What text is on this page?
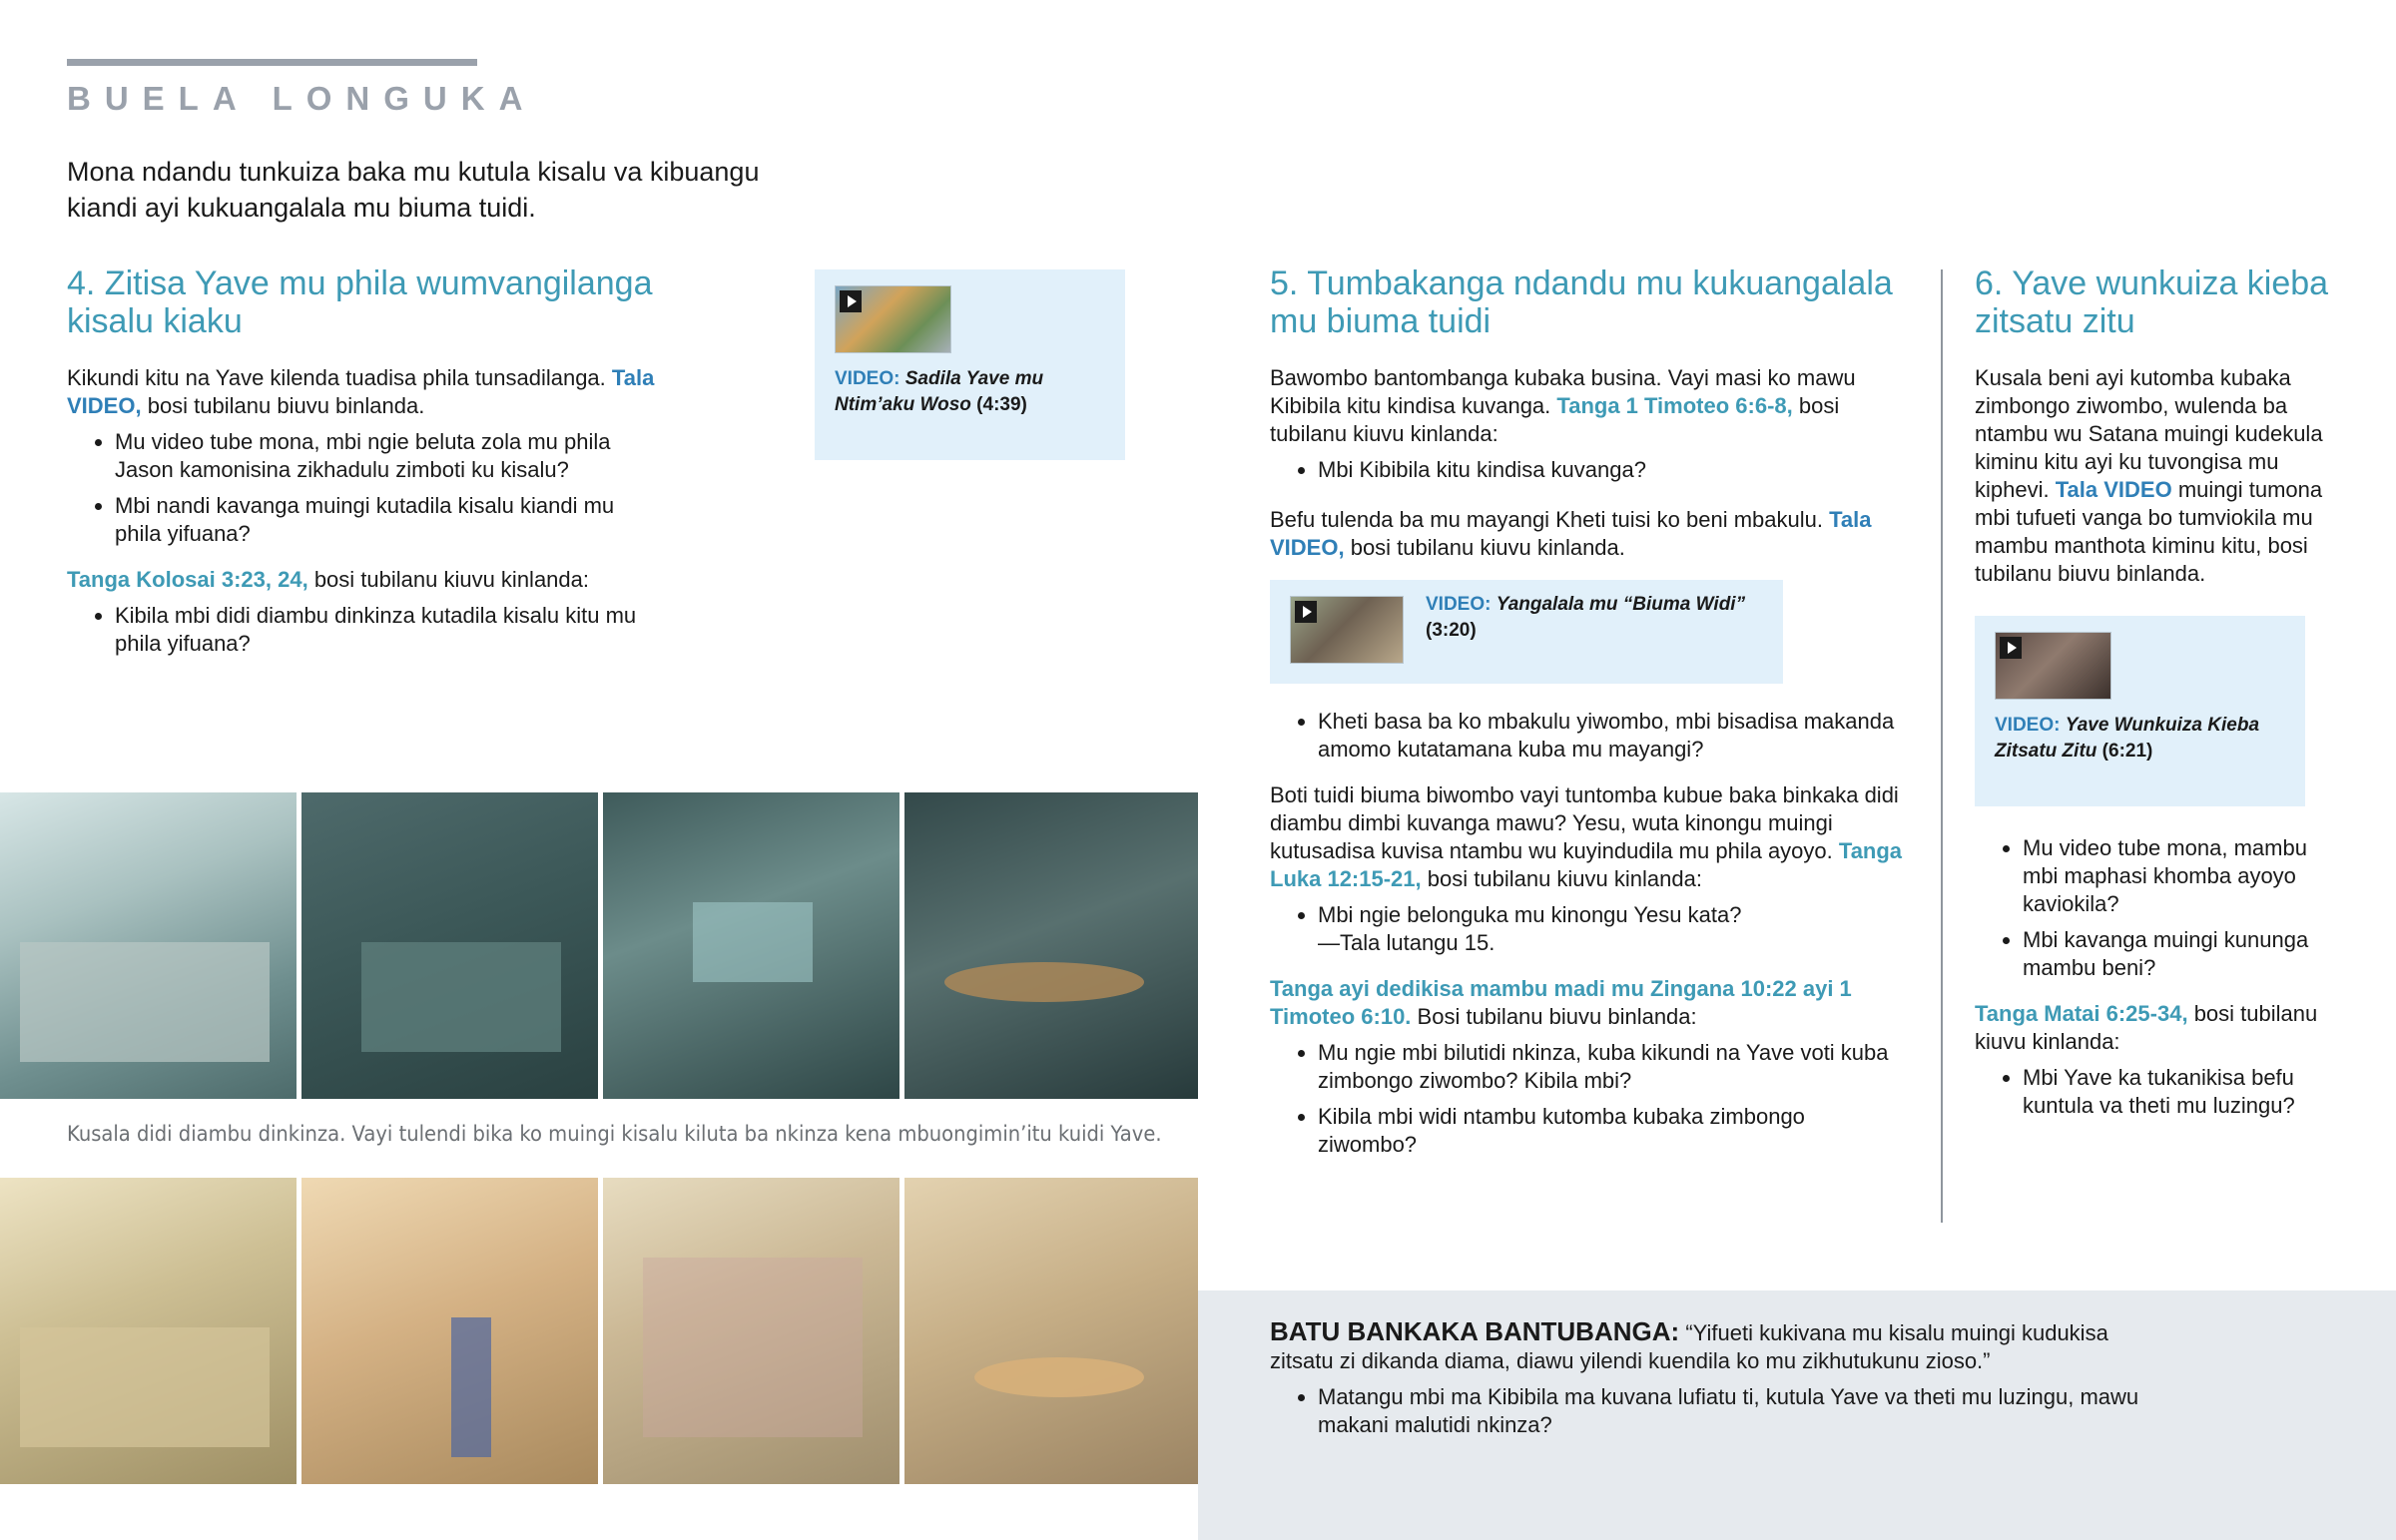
BUELA LONGUKA
Mona ndandu tunkuiza baka mu kutula kisalu va kibuangu kiandi ayi kukuangalala mu biuma tuidi.
4. Zitisa Yave mu phila wumvangilanga kisalu kiaku

Kikundi kitu na Yave kilenda tuadisa phila tunsadilanga. Tala VIDEO, bosi tubilanu biuvu binlanda.

• Mu video tube mona, mbi ngie beluta zola mu phila Jason kamonisina zikhadulu zimboti ku kisalu?
• Mbi nandi kavanga muingi kutadila kisalu kiandi mu phila yifuana?

Tanga Kolosai 3:23, 24, bosi tubilanu kiuvu kinlanda:

• Kibila mbi didi diambu dinkinza kutadila kisalu kitu mu phila yifuana?
VIDEO: Sadila Yave mu Ntim’aku Woso (4:39)
Kusala didi diambu dinkinza. Vayi tulendi bika ko muingi kisalu kiluta ba nkinza kena mbuongimin’itu kuidi Yave.
5. Tumbakanga ndandu mu kukuangalala mu biuma tuidi

Bawombo bantombanga kubaka busina. Vayi masi ko mawu Kibibila kitu kindisa kuvanga. Tanga 1 Timoteo 6:6-8, bosi tubilanu kiuvu kinlanda:

• Mbi Kibibila kitu kindisa kuvanga?

Befu tulenda ba mu mayangi Kheti tuisi ko beni mbakulu. Tala VIDEO, bosi tubilanu kiuvu kinlanda.

VIDEO: Yangalala mu “Biuma Widi” (3:20)
• Kheti basa ba ko mbakulu yiwombo, mbi bisadisa makanda amomo kutatamana kuba mu mayangi?

Boti tuidi biuma biwombo vayi tuntomba kubue baka binkaka didi diambu dimbi kuvanga mawu? Yesu, wuta kinongu muingi kutusadisa kuvisa ntambu wu kuyindudila mu phila ayoyo. Tanga Luka 12:15-21, bosi tubilanu kiuvu kinlanda:

• Mbi ngie belonguka mu kinongu Yesu kata?
—Tala lutangu 15.

Tanga ayi dedikisa mambu madi mu Zingana 10:22 ayi 1 Timoteo 6:10. Bosi tubilanu biuvu binlanda:

• Mu ngie mbi bilutidi nkinza, kuba kikundi na Yave voti kuba zimbongo ziwombo? Kibila mbi?
• Kibila mbi widi ntambu kutomba kubaka zimbongo ziwombo?
6. Yave wunkuiza kieba zitsatu zitu

Kusala beni ayi kutomba kubaka zimbongo ziwombo, wulenda ba ntambu wu Satana muingi kudekula kiminu kitu ayi ku tuvongisa mu kiphevi. Tala VIDEO muingi tumona mbi tufueti vanga bo tumviokila mu mambu manthota kiminu kitu, bosi tubilanu biuvu binlanda.

VIDEO: Yave Wunkuiza Kieba Zitsatu Zitu (6:21)
• Mu video tube mona, mambu mbi maphasi khomba ayoyo kaviokila?
• Mbi kavanga muingi kununga mambu beni?

Tanga Matai 6:25-34, bosi tubilanu kiuvu kinlanda:

• Mbi Yave ka tukanikisa befu kuntula va theti mu luzingu?

BATU BANKAKA BANTUBANGA: “Yifueti kukivana mu kisalu muingi kudukisa zitsatu zi dikanda diama, diawu yilendi kuendila ko mu zikhutukunu zioso.”

• Matangu mbi ma Kibibila ma kuvana lufiatu ti, kutula Yave va theti mu luzingu, mawu makani malutidi nkinza?
